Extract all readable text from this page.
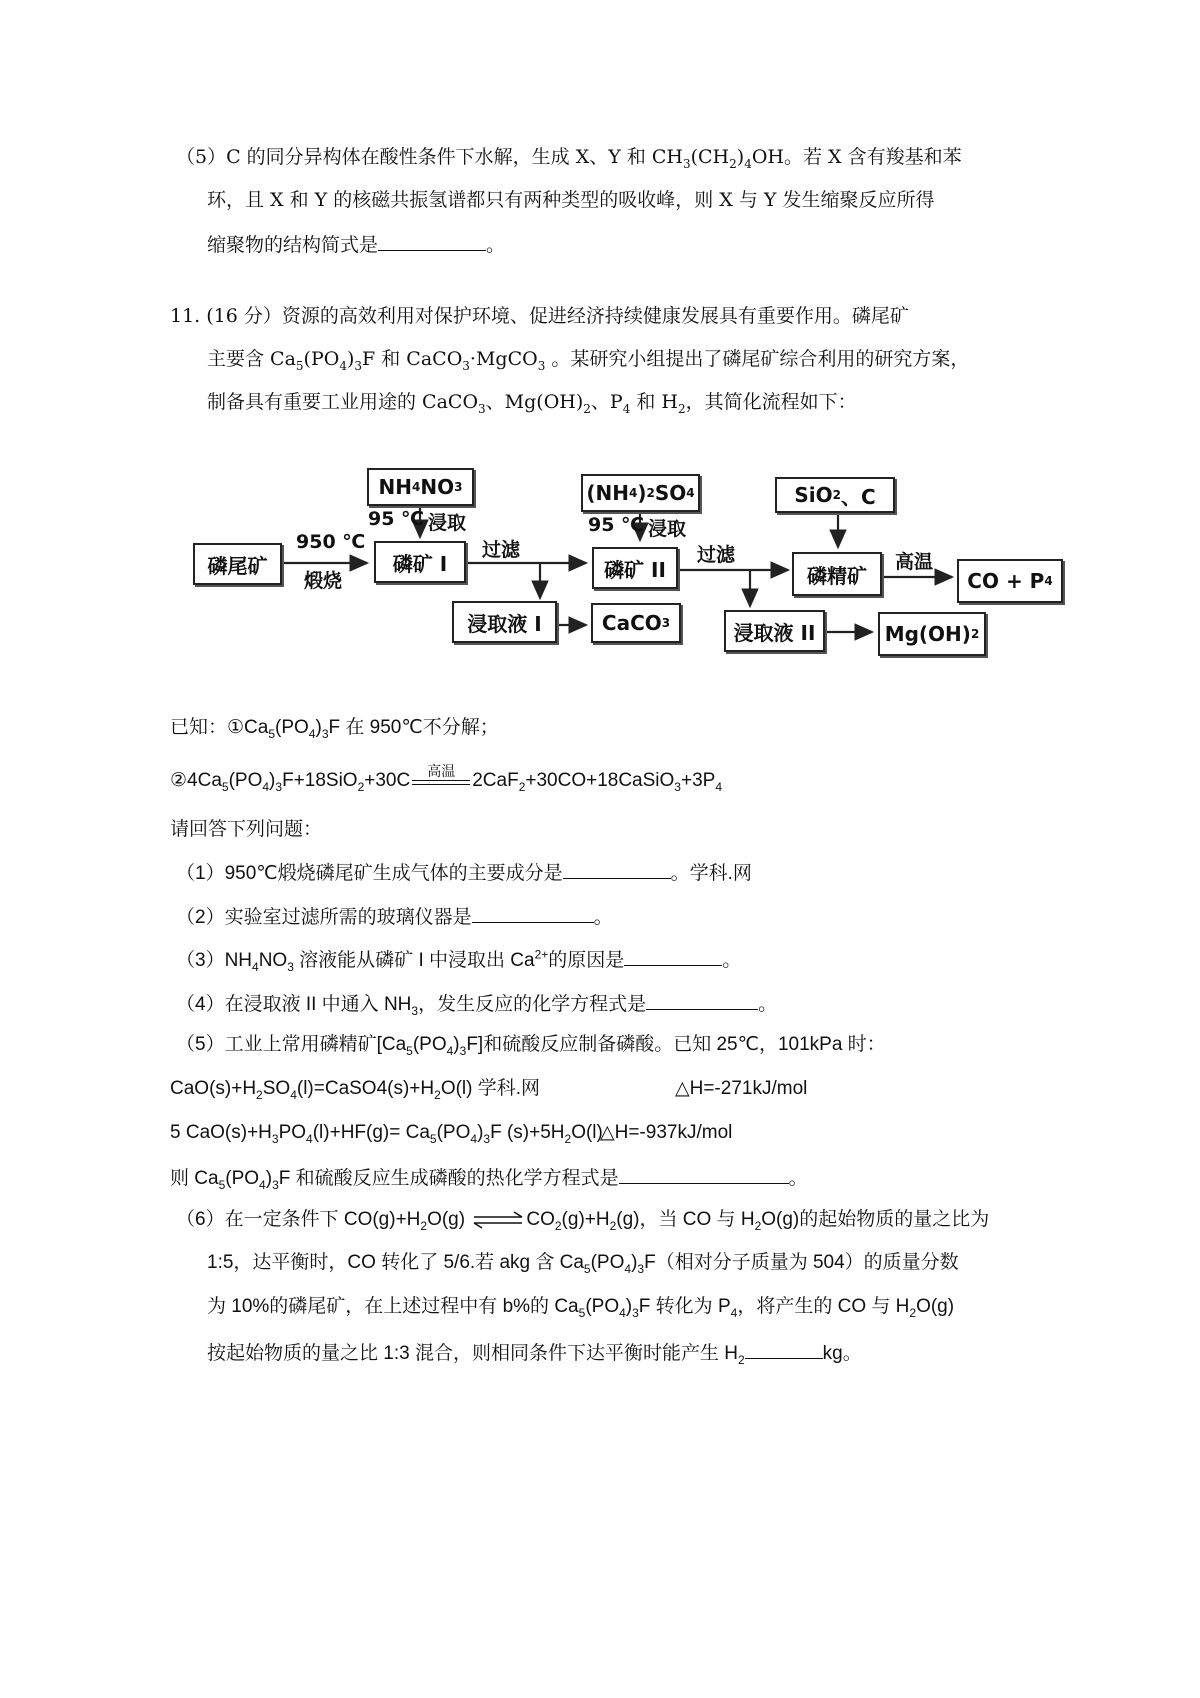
（5）C 的同分异构体在酸性条件下水解，生成 X、Y 和 $CH_3(CH_2)_4OH$。若 X 含有羧基和苯
环，且 X 和 Y 的核磁共振氢谱都只有两种类型的吸收峰，则 X 与 Y 发生缩聚反应所得
缩聚物的结构简式是	。
11. (16 分）资源的高效利用对保护环境、促进经济持续健康发展具有重要作用。磷尾矿
主要含 $Ca_5(PO_4)_3F$ 和 CaCO$_3$·MgCO$_3$ 。某研究小组提出了磷尾矿综合利用的研究方案，
制备具有重要工业用途的 CaCO$_3$、$Mg(OH)_2$、$P_4$ 和 $H_2$，其简化流程如下：
磷尾矿
950 ℃
煅烧
NH 4 NO 3
95 ℃ 浸取
磷矿 I
过滤
浸取液 I	CaCO 3
(NH 4 ) 2 SO 4
95 ℃ 浸取
磷矿 II
过滤
浸取液 II	Mg(OH) 2
SiO 2 、C
磷精矿
高温
CO + P 4
已知：$①Ca_5(PO_4)_3F$ 在 950℃不分解；
$②4Ca_5(PO_4)_3F+18SiO_2+30C$	高温 $2CaF_2+30CO+18CaSiO_3+3P_4$
请回答下列问题：
（1）950℃煅烧磷尾矿生成气体的主要成分是	。学科.网
（2）实验室过滤所需的玻璃仪器是	。
$(3)NH_4NO_3$ 溶液能从磷矿 I 中浸取出 $Ca^{2+}$的原因是	。
（4）在浸取液 II 中通入 $NH_3$，发生反应的化学方程式是	。
（5）工业上常用磷精矿$[Ca_5(PO_4)_3F]$和硫酸反应制备磷酸。已知 25℃，101kPa 时：
$CaO(s)+H_2SO_4(l)=CaSO4(s)+H_2O(l)$ 学科.网	△H=-271kJ/mol
5 $CaO(s)+H_3PO_4(l)+HF(g)= Ca_5(PO_4)_3F$ $(s)+5H_2O(l)$
△H=-937kJ/mol
则 $Ca_5(PO_4)_3F$ 和硫酸反应生成磷酸的热化学方程式是	。
（6）在一定条件下 $CO(g)+H_2O(g)$ $\rightleftharpoons CO_2(g)+H_2(g)$，当 CO 与 $H_2O(g)$的起始物质的量之比为
1:5，达平衡时，CO 转化了 5/6.若 akg 含 $Ca_5(PO_4)_3F$（相对分子质量为 504）的质量分数
为 10%的磷尾矿，在上述过程中有 b%的 $Ca_5(PO_4)_3F$ 转化为 $P_4$，将产生的 CO 与 $H_2O(g)$
按起始物质的量之比 1:3 混合，则相同条件下达平衡时能产生 $H_2$	kg。
